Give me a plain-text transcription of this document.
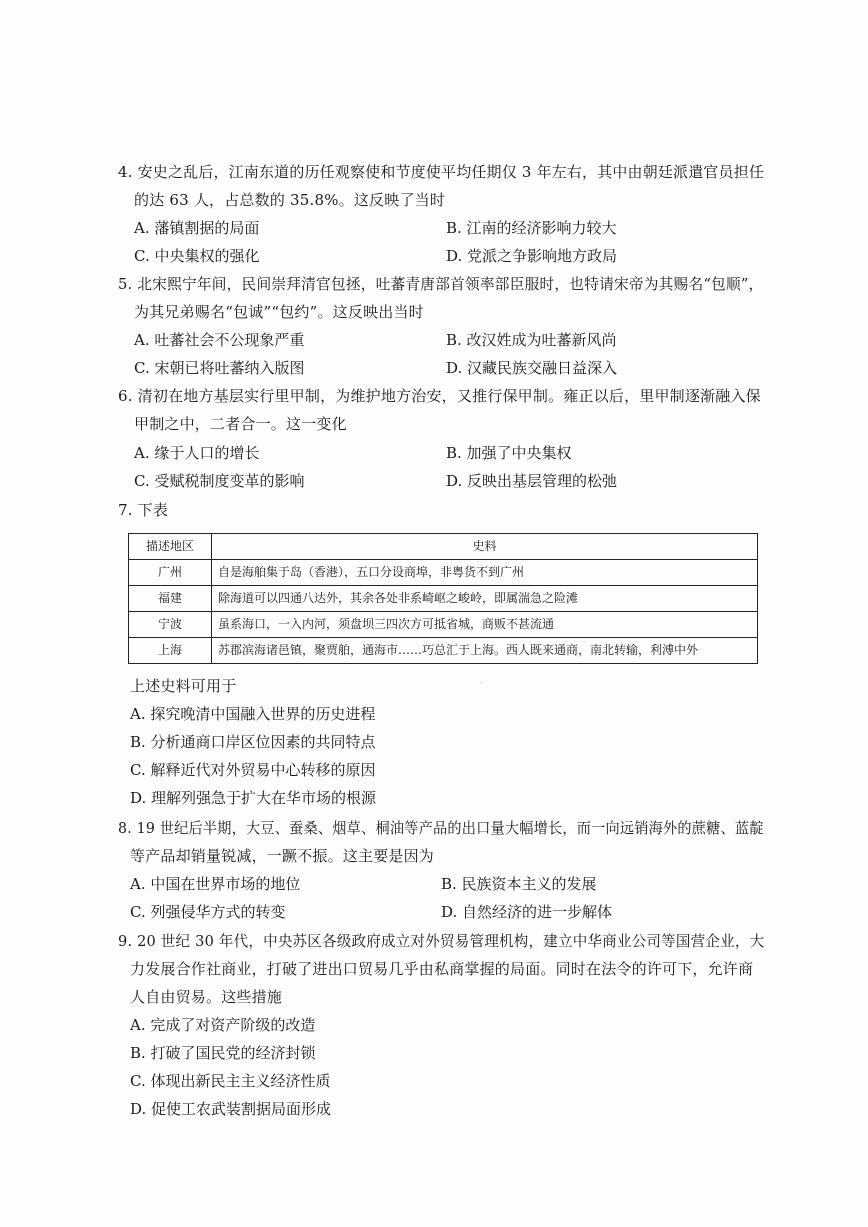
4. 安史之乱后，江南东道的历任观察使和节度使平均任期仅 3 年左右，其中由朝廷派遣官员担任
的达 63 人，占总数的 35.8%。这反映了当时
A. 藩镇割据的局面	B. 江南的经济影响力较大
C. 中央集权的强化	D. 党派之争影响地方政局
5. 北宋熙宁年间，民间崇拜清官包拯，吐蕃青唐部首领率部臣服时，也特请宋帝为其赐名“包顺”，
为其兄弟赐名“包诚”“包约”。这反映出当时
A. 吐蕃社会不公现象严重	B. 改汉姓成为吐蕃新风尚
C. 宋朝已将吐蕃纳入版图	D. 汉藏民族交融日益深入
6. 清初在地方基层实行里甲制，为维护地方治安，又推行保甲制。雍正以后，里甲制逐渐融入保
甲制之中，二者合一。这一变化
A. 缘于人口的增长	B. 加强了中央集权
C. 受赋税制度变革的影响	D. 反映出基层管理的松弛
7. 下表
描述地区	史料
广州	自是海舶集于岛（香港），五口分设商埠，非粤货不到广州
福建	除海道可以四通八达外，其余各处非系崎岖之峻岭，即属湍急之险滩
宁波	虽系海口，一入内河，须盘坝三四次方可抵省城，商贩不甚流通
上海	苏郡滨海诸邑镇，聚贾舶，通海市……巧总汇于上海。西人既来通商，南北转输，利溥中外
·
上述史料可用于
A. 探究晚清中国融入世界的历史进程
B. 分析通商口岸区位因素的共同特点
C. 解释近代对外贸易中心转移的原因
D. 理解列强急于扩大在华市场的根源
8. 19 世纪后半期，大豆、蚕桑、烟草、桐油等产品的出口量大幅增长，而一向远销海外的蔗糖、蓝靛
等产品却销量锐减，一蹶不振。这主要是因为
A. 中国在世界市场的地位	B. 民族资本主义的发展
C. 列强侵华方式的转变	D. 自然经济的进一步解体
9. 20 世纪 30 年代，中央苏区各级政府成立对外贸易管理机构，建立中华商业公司等国营企业，大
力发展合作社商业，打破了进出口贸易几乎由私商掌握的局面。同时在法令的许可下，允许商
人自由贸易。这些措施
A. 完成了对资产阶级的改造
B. 打破了国民党的经济封锁
C. 体现出新民主主义经济性质
D. 促使工农武装割据局面形成
